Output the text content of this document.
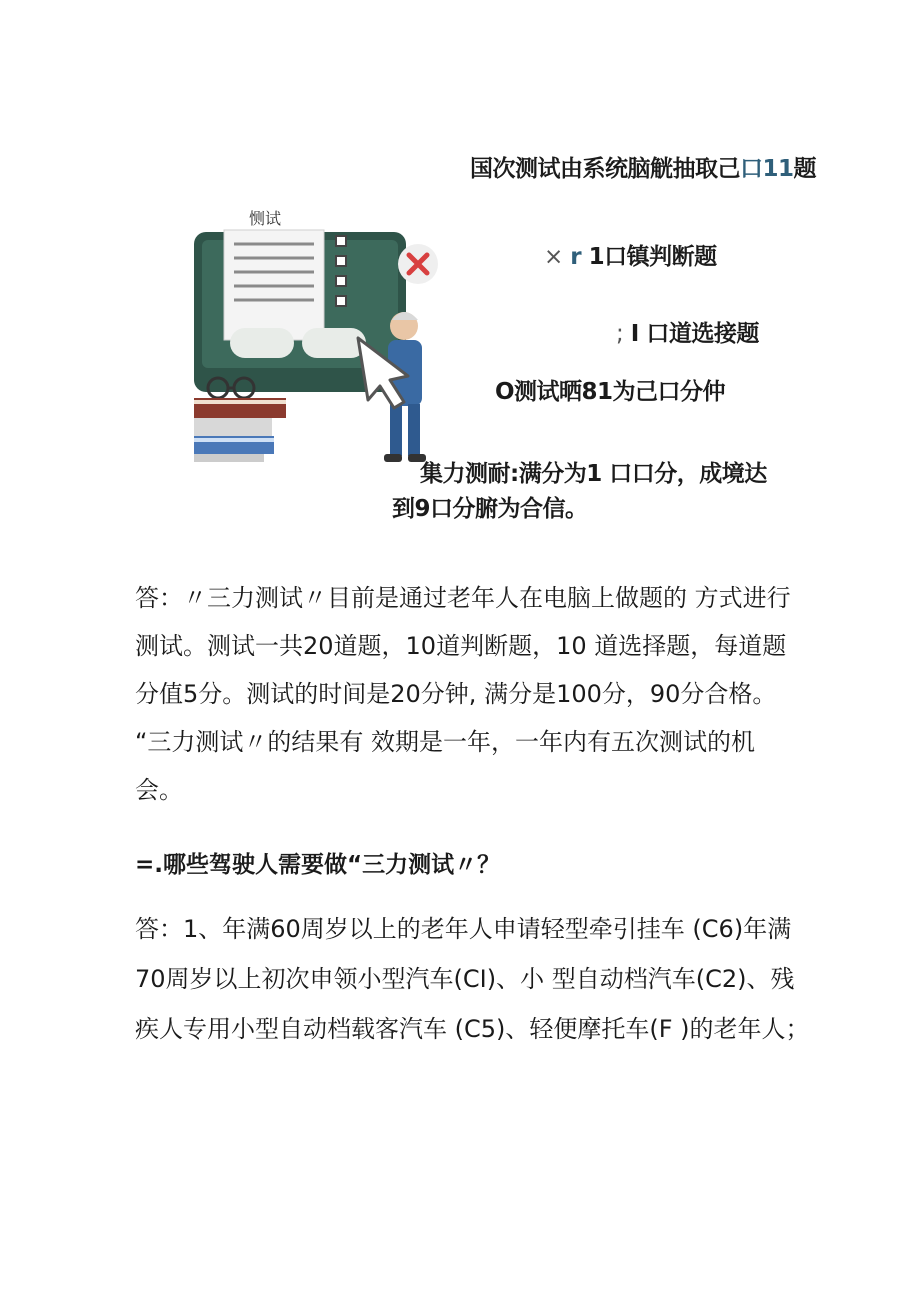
恻试
国次测试由系统脑觥抽取己口11题
× r 1口镇判断题
; I 口道选接题
O测试晒81为己口分仲
集力测耐:满分为1 口口分，成境达
到9口分腑为合信。
答：〃三力测试〃目前是通过老年人在电脑上做题的 方式进行
测试。测试一共20道题，10道判断题，10 道选择题，每道题
分值5分。测试的时间是20分钟, 满分是100分，90分合格。
“三力测试〃的结果有 效期是一年，一年内有五次测试的机
会。
=.哪些驾驶人需要做“三力测试〃？
答：1、年满60周岁以上的老年人申请轻型牵引挂车 (C6)年满
70周岁以上初次申领小型汽车(CI)、小 型自动档汽车(C2)、残
疾人专用小型自动档载客汽车 (C5)、轻便摩托车(F )的老年人；
